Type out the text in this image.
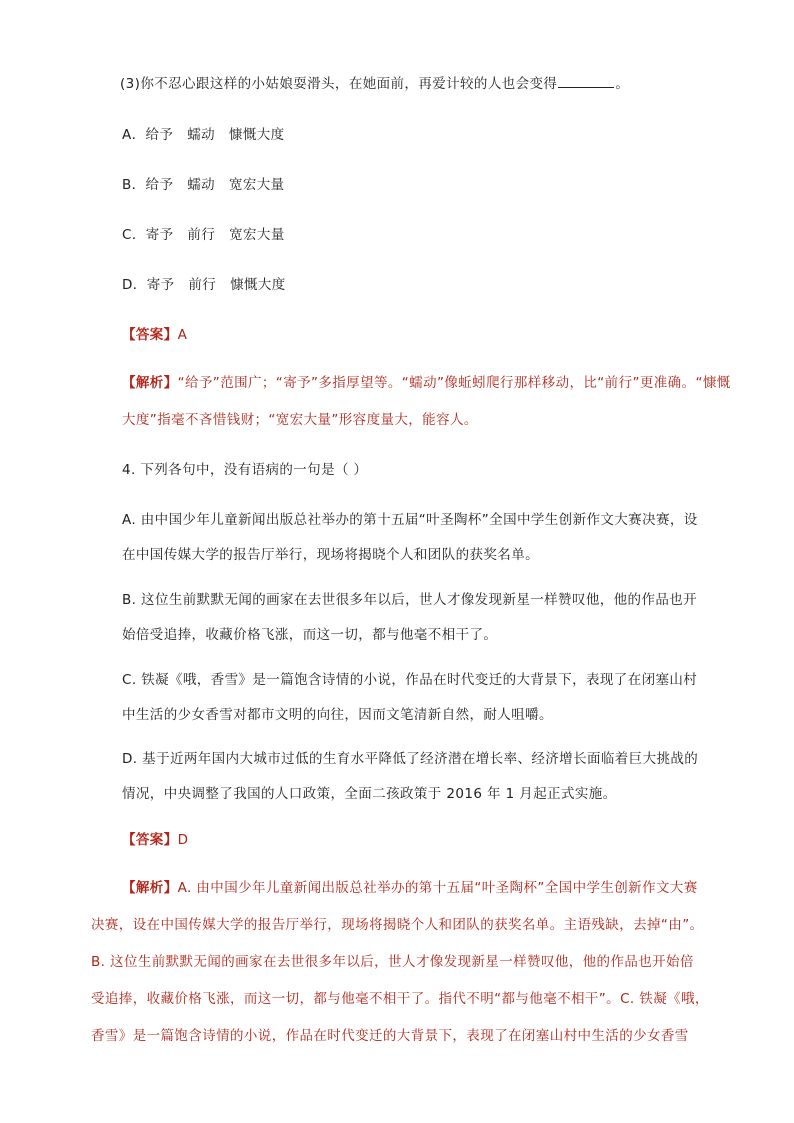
(3)你不忍心跟这样的小姑娘耍滑头，在她面前，再爱计较的人也会变得	。

A．给予　蠕动　慷慨大度

B．给予　蠕动　宽宏大量

C．寄予　前行　宽宏大量

D．寄予　前行　慷慨大度

【答案】A

【解析】“给予”范围广；“寄予”多指厚望等。“蠕动”像蚯蚓爬行那样移动，比“前行”更准确。“慷慨

大度”指毫不吝惜钱财；“宽宏大量”形容度量大，能容人。

4. 下列各句中，没有语病的一句是（ ）

A. 由中国少年儿童新闻出版总社举办的第十五届“叶圣陶杯”全国中学生创新作文大赛决赛，设

在中国传媒大学的报告厅举行，现场将揭晓个人和团队的获奖名单。

B. 这位生前默默无闻的画家在去世很多年以后，世人才像发现新星一样赞叹他，他的作品也开

始倍受追捧，收藏价格飞涨，而这一切，都与他毫不相干了。

C. 铁凝《哦，香雪》是一篇饱含诗情的小说，作品在时代变迁的大背景下，表现了在闭塞山村

中生活的少女香雪对都市文明的向往，因而文笔清新自然，耐人咀嚼。

D. 基于近两年国内大城市过低的生育水平降低了经济潜在增长率、经济增长面临着巨大挑战的

情况，中央调整了我国的人口政策，全面二孩政策于 2016 年 1 月起正式实施。

【答案】D

【解析】A. 由中国少年儿童新闻出版总社举办的第十五届“叶圣陶杯”全国中学生创新作文大赛

决赛，设在中国传媒大学的报告厅举行，现场将揭晓个人和团队的获奖名单。主语残缺，去掉“由”。

B. 这位生前默默无闻的画家在去世很多年以后，世人才像发现新星一样赞叹他，他的作品也开始倍

受追捧，收藏价格飞涨，而这一切，都与他毫不相干了。指代不明“都与他毫不相干”。C. 铁凝《哦，

香雪》是一篇饱含诗情的小说，作品在时代变迁的大背景下，表现了在闭塞山村中生活的少女香雪
